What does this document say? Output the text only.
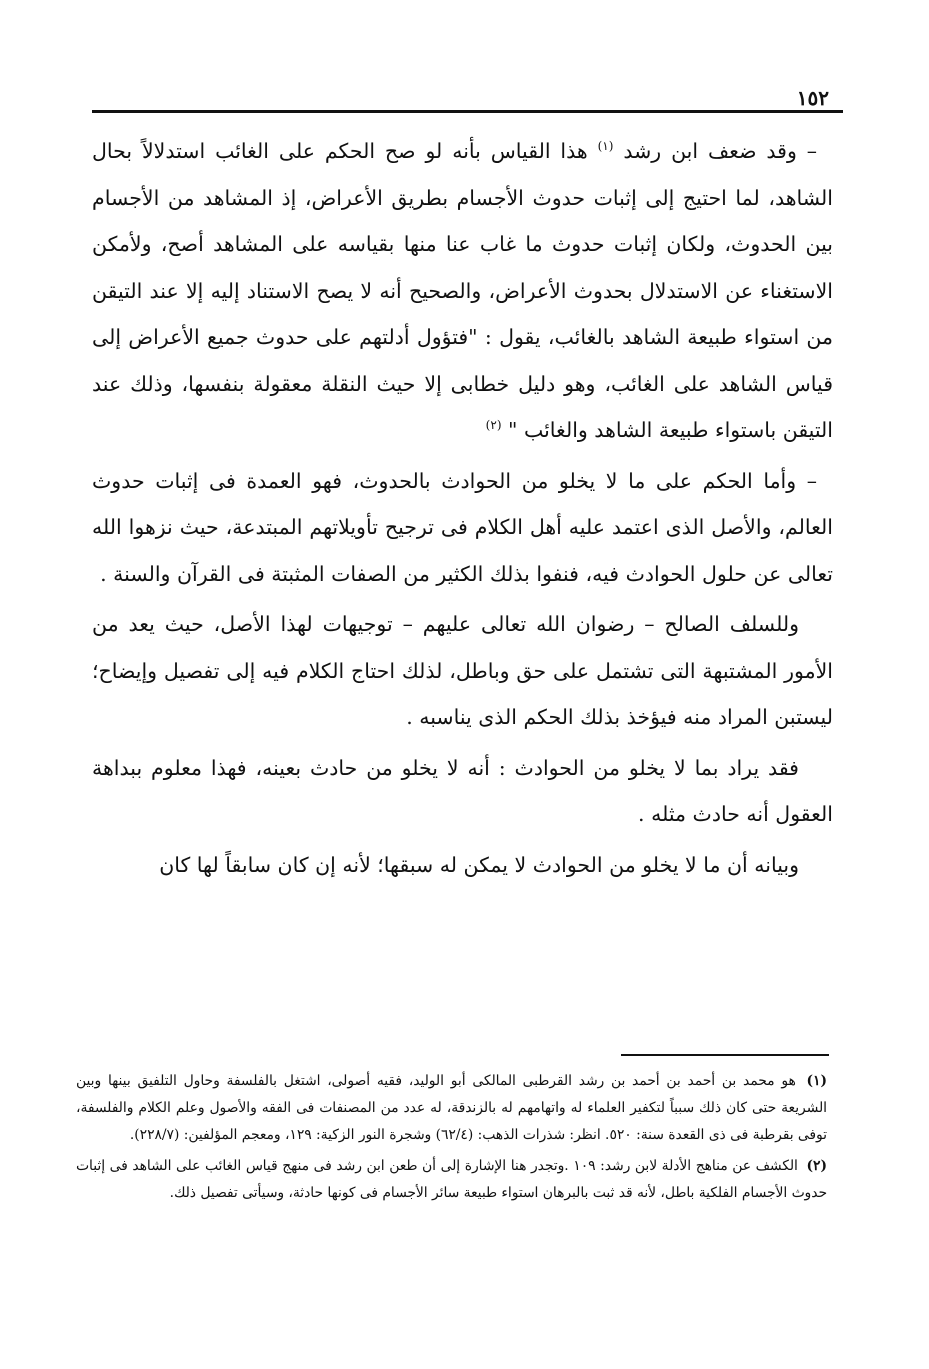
١٥٢

– وقد ضعف ابن رشد $^{(١)}$ هذا القياس بأنه لو صح الحكم على الغائب استدلالاً بحال الشاهد، لما احتيج إلى إثبات حدوث الأجسام بطريق الأعراض، إذ المشاهد من الأجسام بين الحدوث، ولكان إثبات حدوث ما غاب عنا منها بقياسه على المشاهد أصح، ولأمكن الاستغناء عن الاستدلال بحدوث الأعراض، والصحيح أنه لا يصح الاستناد إليه إلا عند التيقن من استواء طبيعة الشاهد بالغائب، يقول : "فتؤول أدلتهم على حدوث جميع الأعراض إلى قياس الشاهد على الغائب، وهو دليل خطابى إلا حيث النقلة معقولة بنفسها، وذلك عند التيقن باستواء طبيعة الشاهد والغائب " $^{(٢)}$

– وأما الحكم على ما لا يخلو من الحوادث بالحدوث، فهو العمدة فى إثبات حدوث العالم، والأصل الذى اعتمد عليه أهل الكلام فى ترجيح تأويلاتهم المبتدعة، حيث نزهوا الله تعالى عن حلول الحوادث فيه، فنفوا بذلك الكثير من الصفات المثبتة فى القرآن والسنة .

وللسلف الصالح – رضوان الله تعالى عليهم – توجيهات لهذا الأصل، حيث يعد من الأمور المشتبهة التى تشتمل على حق وباطل، لذلك احتاج الكلام فيه إلى تفصيل وإيضاح؛ ليستبن المراد منه فيؤخذ بذلك الحكم الذى يناسبه .

فقد يراد بما لا يخلو من الحوادث : أنه لا يخلو من حادث بعينه، فهذا معلوم ببداهة العقول أنه حادث مثله .

وبيانه أن ما لا يخلو من الحوادث لا يمكن له سبقها؛ لأنه إن كان سابقاً لها كان

(١) هو محمد بن أحمد بن أحمد بن رشد القرطبى المالكى أبو الوليد، فقيه أصولى، اشتغل بالفلسفة وحاول التلفيق بينها وبين الشريعة حتى كان ذلك سبباً لتكفير العلماء له واتهامهم له بالزندقة، له عدد من المصنفات فى الفقه والأصول وعلم الكلام والفلسفة، توفى بقرطبة فى ذى القعدة سنة: ٥٢٠. انظر: شذرات الذهب: (٦٢/٤) وشجرة النور الزكية: ١٢٩، ومعجم المؤلفين: (٢٢٨/٧).

(٢) الكشف عن مناهج الأدلة لابن رشد: ١٠٩ .وتجدر هنا الإشارة إلى أن طعن ابن رشد فى منهج قياس الغائب على الشاهد فى إثبات حدوث الأجسام الفلكية باطل، لأنه قد ثبت بالبرهان استواء طبيعة سائر الأجسام فى كونها حادثة، وسيأتى تفصيل ذلك.
